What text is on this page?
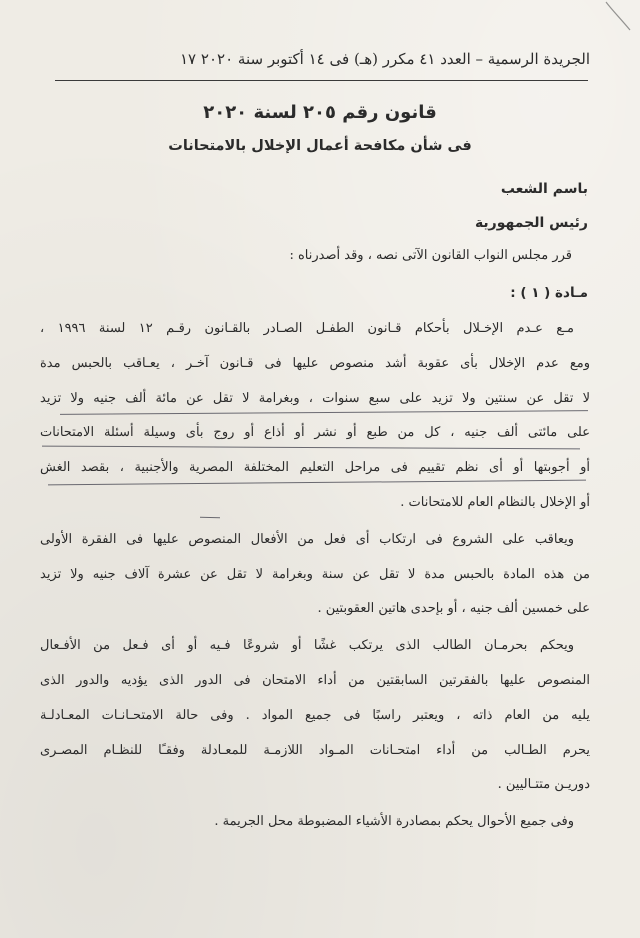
الجريدة الرسمية – العدد ٤١ مكرر (هـ) فى ١٤ أكتوبر سنة ٢٠٢٠ ١٧
قانون رقم ٢٠٥ لسنة ٢٠٢٠
فى شأن مكافحة أعمال الإخلال بالامتحانات
باسم الشعب
رئيس الجمهورية
قرر مجلس النواب القانون الآتى نصه ، وقد أصدرناه :
مـادة ( ١ ) :
مـع عـدم الإخـلال بأحكام قـانون الطفـل الصـادر بالقـانون رقـم ١٢ لسنة ١٩٩٦ ،
ومع عدم الإخلال بأى عقوبة أشد منصوص عليها فى قـانون آخـر ، يعـاقب بالحبس مدة
لا تقل عن سنتين ولا تزيد على سبع سنوات ، وبغرامة لا تقل عن مائة ألف جنيه ولا تزيد
على مائتى ألف جنيه ، كل من طبع أو نشر أو أذاع أو روج بأى وسيلة أسئلة الامتحانات
أو أجوبتها أو أى نظم تقييم فى مراحل التعليم المختلفة المصرية والأجنبية ، بقصد الغش
أو الإخلال بالنظام العام للامتحانات .
ويعاقب على الشروع فى ارتكاب أى فعل من الأفعال المنصوص عليها فى الفقرة الأولى
من هذه المادة بالحبس مدة لا تقل عن سنة وبغرامة لا تقل عن عشرة آلاف جنيه ولا تزيد
على خمسين ألف جنيه ، أو بإحدى هاتين العقوبتين .
ويحكم بحرمـان الطالب الذى يرتكب غشًا أو شروعًا فـيه أو أى فـعل من الأفـعال
المنصوص عليها بالفقرتين السابقتين من أداء الامتحان فى الدور الذى يؤديه والدور الذى
يليه من العام ذاته ، ويعتبر راسبًا فى جميع المواد . وفى حالة الامتحـانـات المعـادلـة
يحرم الطـالب من أداء امتحـانات المـواد اللازمـة للمعـادلة وفقـًا للنظـام المصـرى
دوريـن متتـاليين .
وفى جميع الأحوال يحكم بمصادرة الأشياء المضبوطة محل الجريمة .
